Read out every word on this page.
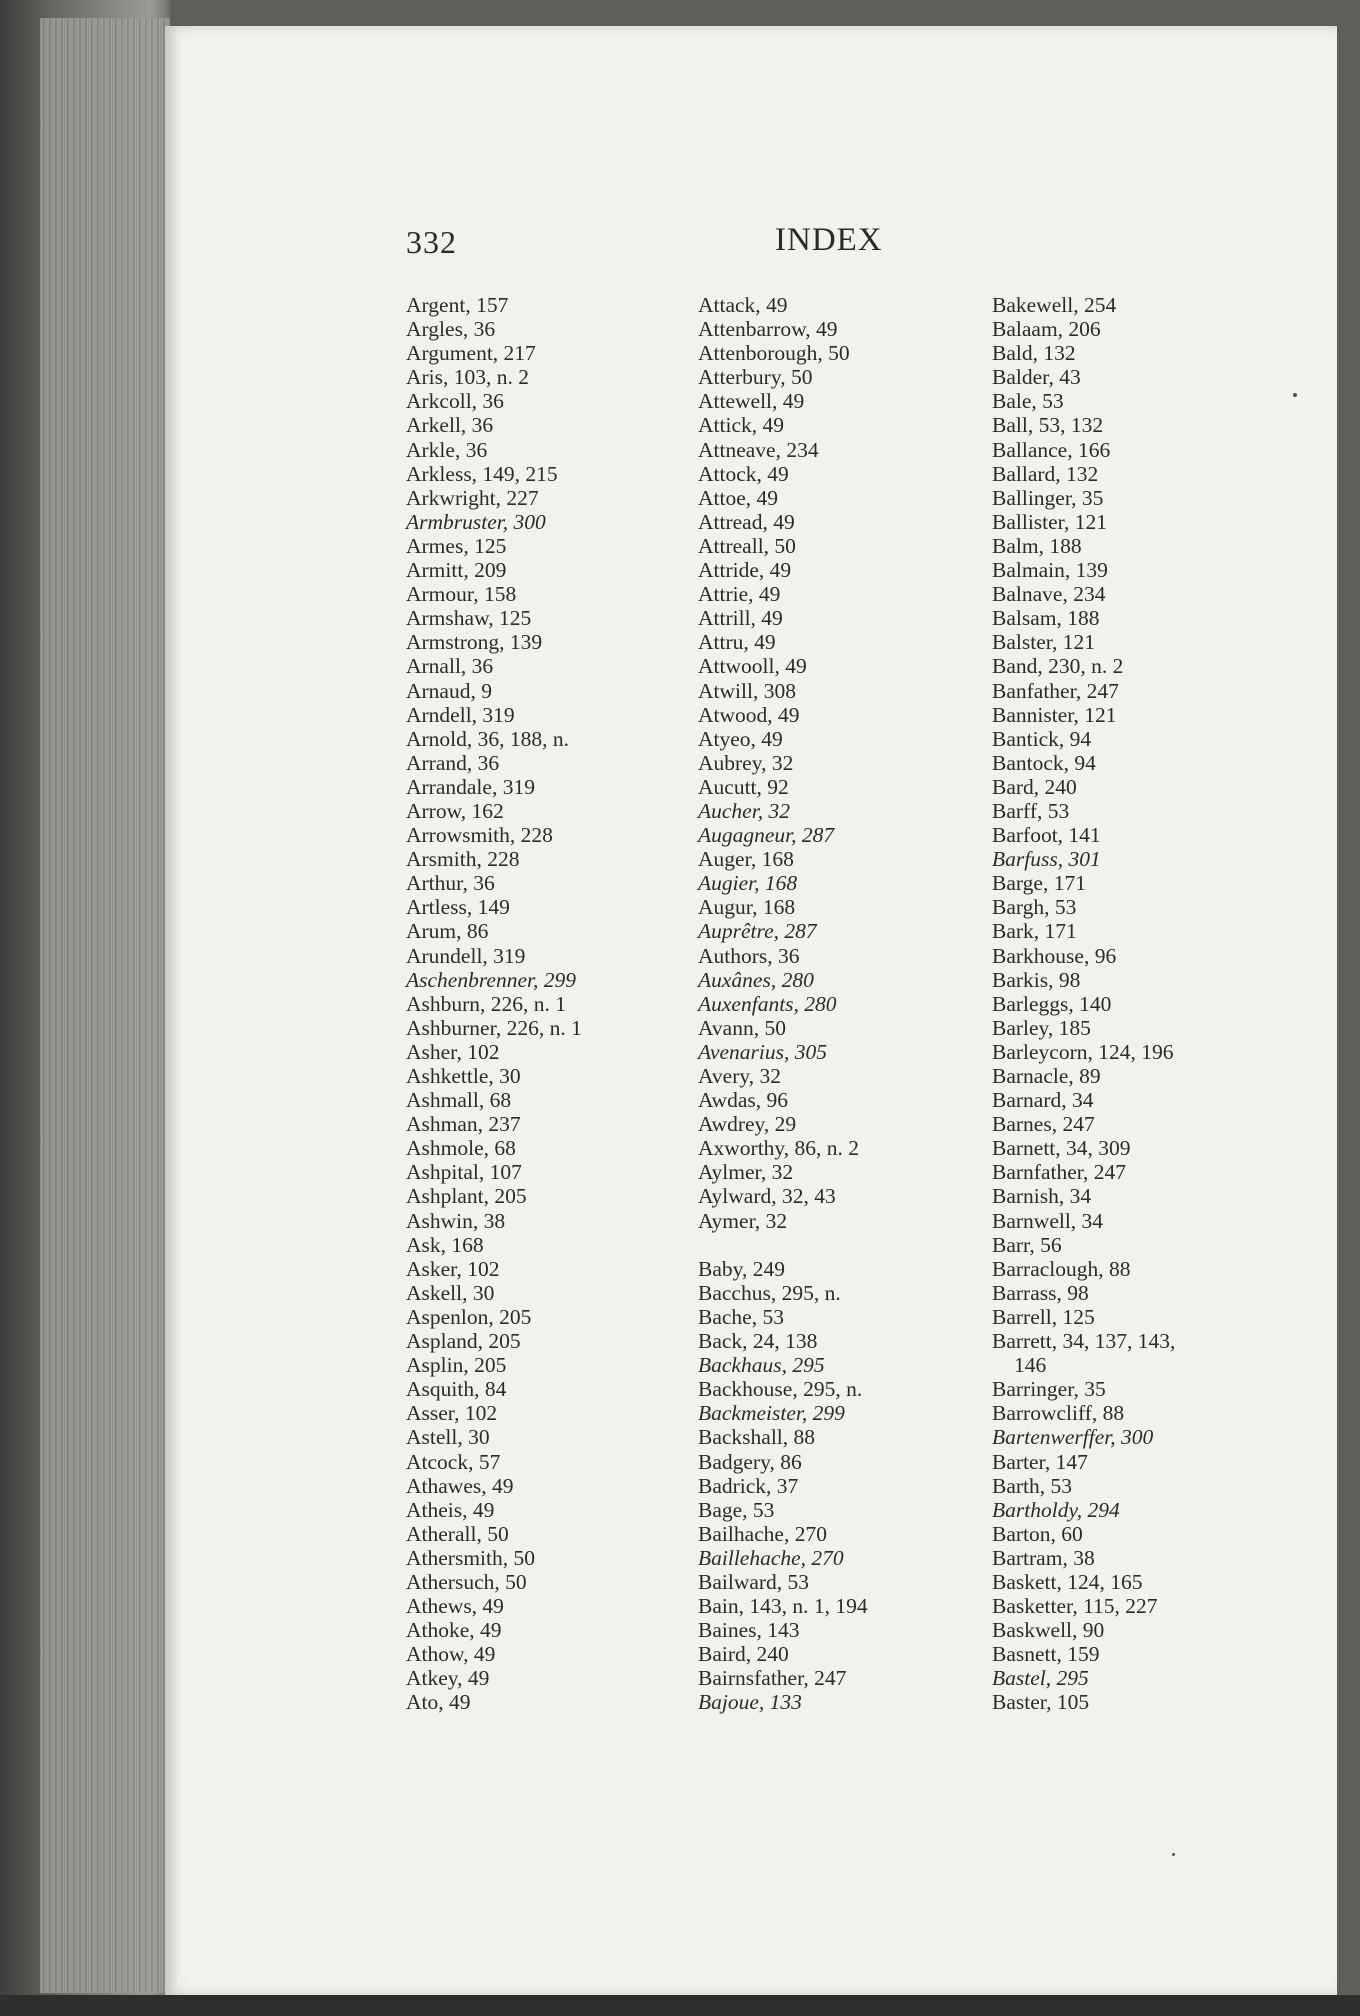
332	INDEX
Argent, 157
Argles, 36
Argument, 217
Aris, 103, n. 2
Arkcoll, 36
Arkell, 36
Arkle, 36
Arkless, 149, 215
Arkwright, 227
Armbruster, 300
Armes, 125
Armitt, 209
Armour, 158
Armshaw, 125
Armstrong, 139
Arnall, 36
Arnaud, 9
Arndell, 319
Arnold, 36, 188, n.
Arrand, 36
Arrandale, 319
Arrow, 162
Arrowsmith, 228
Arsmith, 228
Arthur, 36
Artless, 149
Arum, 86
Arundell, 319
Aschenbrenner, 299
Ashburn, 226, n. 1
Ashburner, 226, n. 1
Asher, 102
Ashkettle, 30
Ashmall, 68
Ashman, 237
Ashmole, 68
Ashpital, 107
Ashplant, 205
Ashwin, 38
Ask, 168
Asker, 102
Askell, 30
Aspenlon, 205
Aspland, 205
Asplin, 205
Asquith, 84
Asser, 102
Astell, 30
Atcock, 57
Athawes, 49
Atheis, 49
Atherall, 50
Athersmith, 50
Athersuch, 50
Athews, 49
Athoke, 49
Athow, 49
Atkey, 49
Ato, 49
Attack, 49
Attenbarrow, 49
Attenborough, 50
Atterbury, 50
Attewell, 49
Attick, 49
Attneave, 234
Attock, 49
Attoe, 49
Attread, 49
Attreall, 50
Attride, 49
Attrie, 49
Attrill, 49
Attru, 49
Attwooll, 49
Atwill, 308
Atwood, 49
Atyeo, 49
Aubrey, 32
Aucutt, 92
Aucher, 32
Augagneur, 287
Auger, 168
Augier, 168
Augur, 168
Auprêtre, 287
Authors, 36
Auxânes, 280
Auxenfants, 280
Avann, 50
Avenarius, 305
Avery, 32
Awdas, 96
Awdrey, 29
Axworthy, 86, n. 2
Aylmer, 32
Aylward, 32, 43
Aymer, 32
Baby, 249
Bacchus, 295, n.
Bache, 53
Back, 24, 138
Backhaus, 295
Backhouse, 295, n.
Backmeister, 299
Backshall, 88
Badgery, 86
Badrick, 37
Bage, 53
Bailhache, 270
Baillehache, 270
Bailward, 53
Bain, 143, n. 1, 194
Baines, 143
Baird, 240
Bairnsfather, 247
Bajoue, 133
Bakewell, 254
Balaam, 206
Bald, 132
Balder, 43
Bale, 53
Ball, 53, 132
Ballance, 166
Ballard, 132
Ballinger, 35
Ballister, 121
Balm, 188
Balmain, 139
Balnave, 234
Balsam, 188
Balster, 121
Band, 230, n. 2
Banfather, 247
Bannister, 121
Bantick, 94
Bantock, 94
Bard, 240
Barff, 53
Barfoot, 141
Barfuss, 301
Barge, 171
Bargh, 53
Bark, 171
Barkhouse, 96
Barkis, 98
Barleggs, 140
Barley, 185
Barleycorn, 124, 196
Barnacle, 89
Barnard, 34
Barnes, 247
Barnett, 34, 309
Barnfather, 247
Barnish, 34
Barnwell, 34
Barr, 56
Barraclough, 88
Barrass, 98
Barrell, 125
Barrett, 34, 137, 143,
146
Barringer, 35
Barrowcliff, 88
Bartenwerffer, 300
Barter, 147
Barth, 53
Bartholdy, 294
Barton, 60
Bartram, 38
Baskett, 124, 165
Basketter, 115, 227
Baskwell, 90
Basnett, 159
Bastel, 295
Baster, 105
